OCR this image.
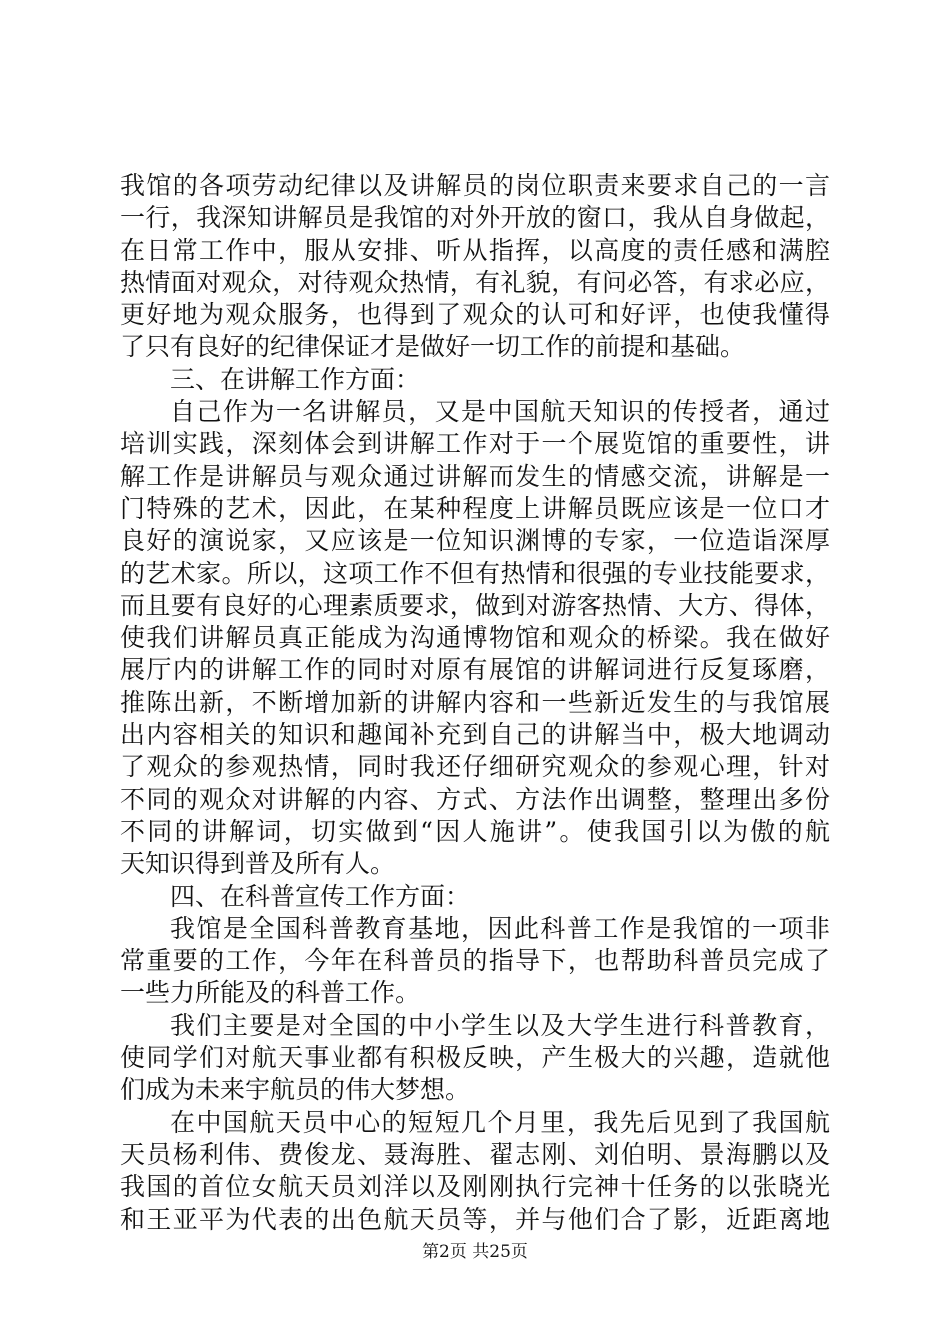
我馆的各项劳动纪律以及讲解员的岗位职责来要求自己的一言
一行，我深知讲解员是我馆的对外开放的窗口，我从自身做起，
在日常工作中，服从安排、听从指挥，以高度的责任感和满腔
热情面对观众，对待观众热情，有礼貌，有问必答，有求必应，
更好地为观众服务，也得到了观众的认可和好评，也使我懂得
了只有良好的纪律保证才是做好一切工作的前提和基础。
三、在讲解工作方面：
自己作为一名讲解员，又是中国航天知识的传授者，通过
培训实践，深刻体会到讲解工作对于一个展览馆的重要性，讲
解工作是讲解员与观众通过讲解而发生的情感交流，讲解是一
门特殊的艺术，因此，在某种程度上讲解员既应该是一位口才
良好的演说家，又应该是一位知识渊博的专家，一位造诣深厚
的艺术家。所以，这项工作不但有热情和很强的专业技能要求，
而且要有良好的心理素质要求，做到对游客热情、大方、得体，
使我们讲解员真正能成为沟通博物馆和观众的桥梁。我在做好
展厅内的讲解工作的同时对原有展馆的讲解词进行反复琢磨，
推陈出新，不断增加新的讲解内容和一些新近发生的与我馆展
出内容相关的知识和趣闻补充到自己的讲解当中，极大地调动
了观众的参观热情，同时我还仔细研究观众的参观心理，针对
不同的观众对讲解的内容、方式、方法作出调整，整理出多份
不同的讲解词，切实做到“因人施讲”。使我国引以为傲的航
天知识得到普及所有人。
四、在科普宣传工作方面：
我馆是全国科普教育基地，因此科普工作是我馆的一项非
常重要的工作，今年在科普员的指导下，也帮助科普员完成了
一些力所能及的科普工作。
我们主要是对全国的中小学生以及大学生进行科普教育，
使同学们对航天事业都有积极反映，产生极大的兴趣，造就他
们成为未来宇航员的伟大梦想。
在中国航天员中心的短短几个月里，我先后见到了我国航
天员杨利伟、费俊龙、聂海胜、翟志刚、刘伯明、景海鹏以及
我国的首位女航天员刘洋以及刚刚执行完神十任务的以张晓光
和王亚平为代表的出色航天员等，并与他们合了影，近距离地
第2页 共25页
